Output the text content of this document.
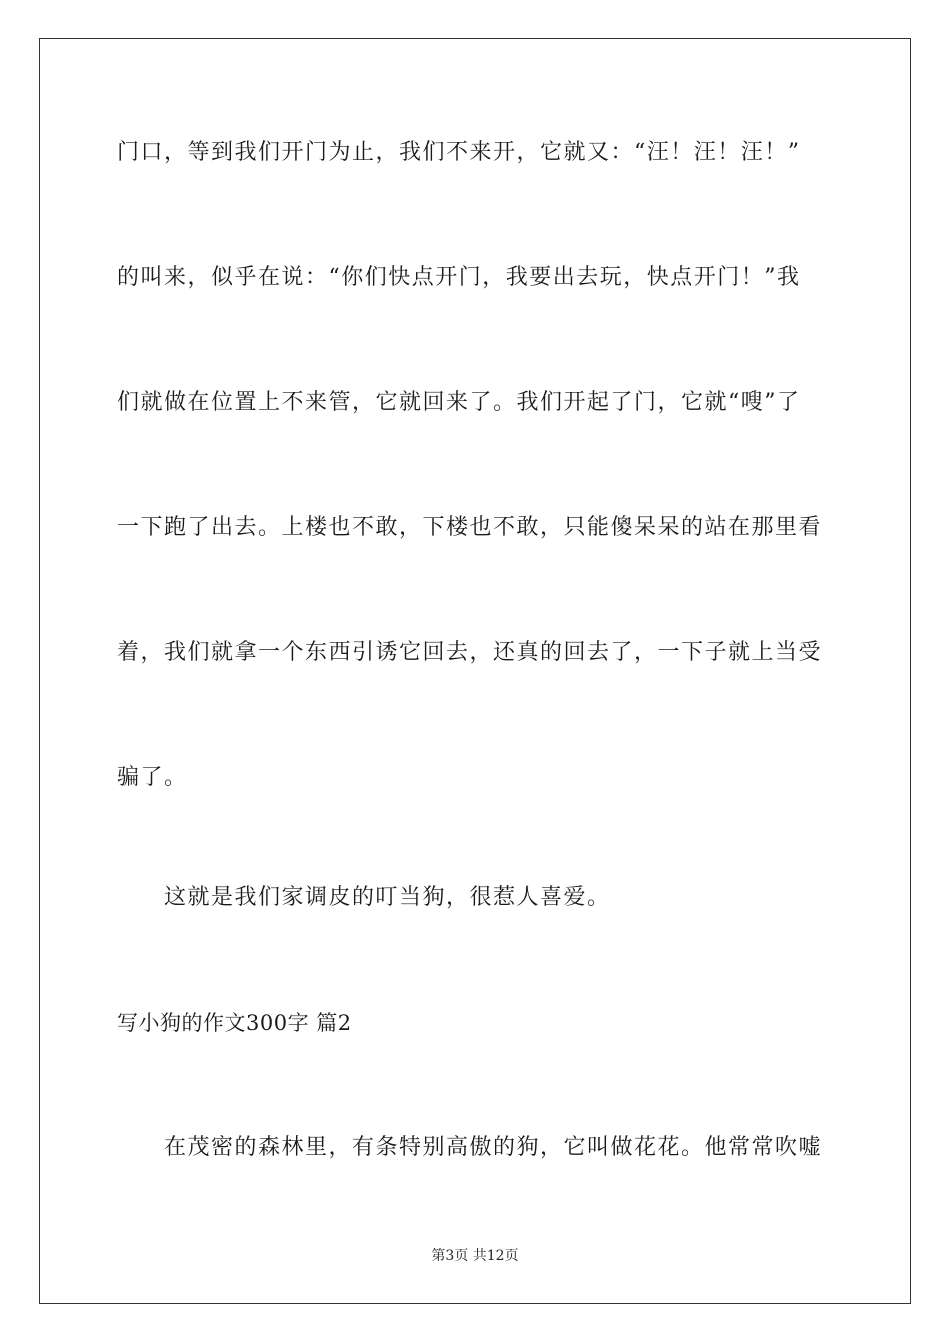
门口，等到我们开门为止，我们不来开，它就又：“汪！汪！汪！”
的叫来，似乎在说：“你们快点开门，我要出去玩，快点开门！”我
们就做在位置上不来管，它就回来了。我们开起了门，它就“嗖”了
一下跑了出去。上楼也不敢，下楼也不敢，只能傻呆呆的站在那里看
着，我们就拿一个东西引诱它回去，还真的回去了，一下子就上当受
骗了。
这就是我们家调皮的叮当狗，很惹人喜爱。
写小狗的作文300字 篇2
在茂密的森林里，有条特别高傲的狗，它叫做花花。他常常吹嘘
第3页 共12页
